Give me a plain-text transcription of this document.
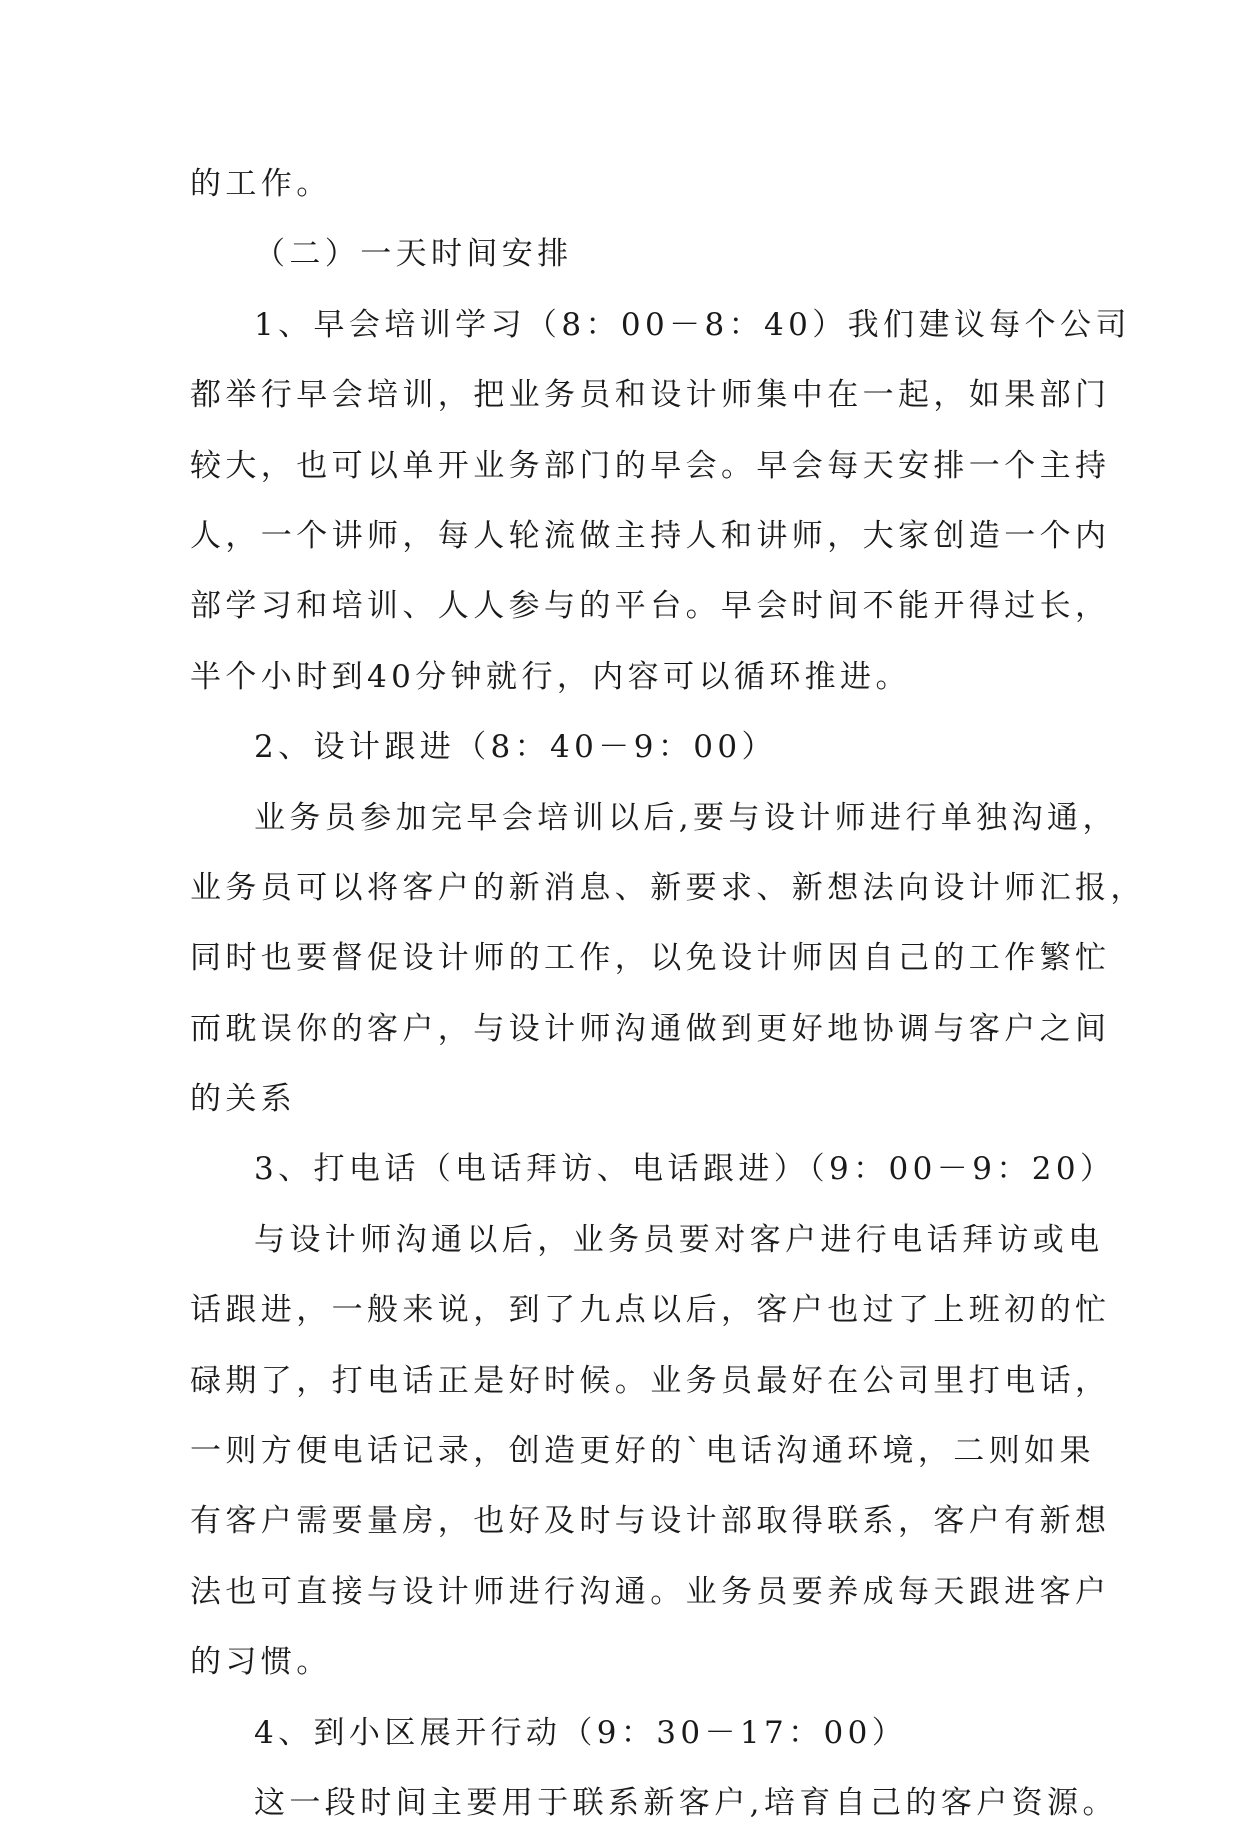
的工作。
（二）一天时间安排
1、早会培训学习（8：00－8：40）我们建议每个公司
都举行早会培训，把业务员和设计师集中在一起，如果部门
较大，也可以单开业务部门的早会。早会每天安排一个主持
人，一个讲师，每人轮流做主持人和讲师，大家创造一个内
部学习和培训、人人参与的平台。早会时间不能开得过长，
半个小时到40分钟就行，内容可以循环推进。
2、设计跟进（8：40－9：00）
业务员参加完早会培训以后,要与设计师进行单独沟通，
业务员可以将客户的新消息、新要求、新想法向设计师汇报，
同时也要督促设计师的工作，以免设计师因自己的工作繁忙
而耽误你的客户，与设计师沟通做到更好地协调与客户之间
的关系
3、打电话（电话拜访、电话跟进）（9：00－9：20）
与设计师沟通以后，业务员要对客户进行电话拜访或电
话跟进，一般来说，到了九点以后，客户也过了上班初的忙
碌期了，打电话正是好时候。业务员最好在公司里打电话，
一则方便电话记录，创造更好的`电话沟通环境，二则如果
有客户需要量房，也好及时与设计部取得联系，客户有新想
法也可直接与设计师进行沟通。业务员要养成每天跟进客户
的习惯。
4、到小区展开行动（9：30－17：00）
这一段时间主要用于联系新客户,培育自己的客户资源。
